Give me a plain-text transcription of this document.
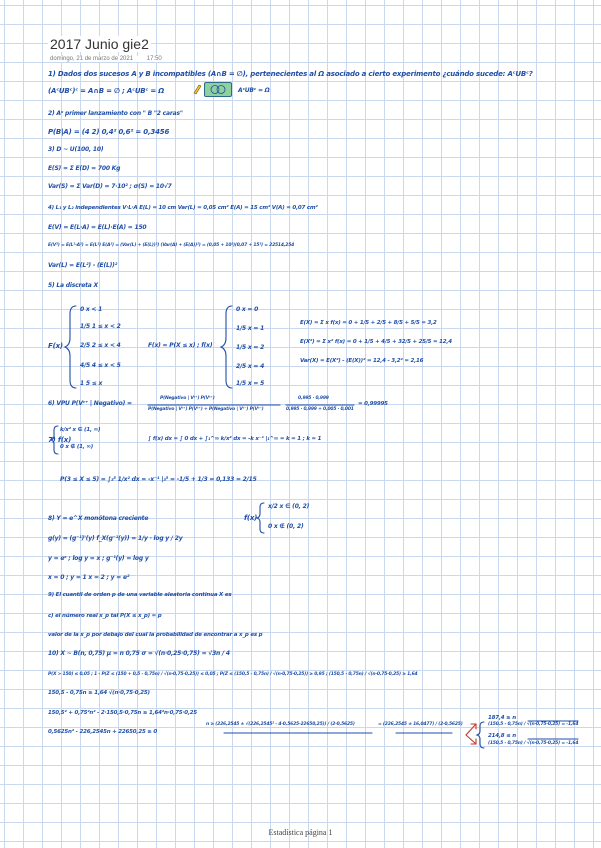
2017 Junio gie2
domingo, 21 de marzo de 2021 17:50
1) Dados dos sucesos A y B incompatibles (A∩B = ∅), pertenecientes al Ω asociado a cierto experimento ¿cuándo sucede: AᶜUBᶜ?
(AᶜUBᶜ)ᶜ = A∩B = ∅ ; AᶜUBᶜ = Ω	AᶜUBᶜ = Ω
2) Aˣ primer lanzamiento con " B "2 caras"
P(B|A) = (4 2) 0,4² 0,6² = 0,3456
3) D ~ U(100, 10)
E(S) = Σ E(D) = 700 Kg
Var(S) = Σ Var(D) = 7·10² ; σ(S) = 10√7
4) L₁ y L₂ independientes V·L·A E(L) = 10 cm Var(L) = 0,05 cm² E(A) = 15 cm² V(A) = 0,07 cm²
E(V) = E(L·A) = E(L)·E(A) = 150
E(V²) = E(L²·A²) = E(L²) E(A²) = (Var(L) + (E(L))²) (Var(A) + (E(A))²) = (0,05 + 10²)(0,07 + 15²) = 22514,254
Var(L) = E(L²) - (E(L))²
5) La discreta X
F(x)
0 x < 1
1/5 1 ≤ x < 2
2/5 2 ≤ x < 4
4/5 4 ≤ x < 5
1 5 ≤ x
F(x) = P(X ≤ x) ; f(x)
0 x = 0
1/5 x = 1
1/5 x = 2
2/5 x = 4
1/5 x = 5
E(X) = Σ x f(x) = 0 + 1/5 + 2/5 + 8/5 + 5/5 = 3,2
E(X²) = Σ x² f(x) = 0 + 1/5 + 4/5 + 32/5 + 25/5 = 12,4
Var(X) = E(X²) - (E(X))² = 12,4 - 3,2² = 2,16
6) VPU P(Vᶜ⁺ | Negativo) =
P(Negativo | Vᶜ⁺) P(Vᶜ⁺)
P(Negativo | Vᶜ⁺) P(Vᶜ⁺) + P(Negativo | Vᶜ⁻) P(Vᶜ⁻)
0,995 · 0,999
0,995 · 0,999 + 0,005 · 0,001
= 0,99995
7) f(x)
k/x² x ∈ (1, ∞)
0 x ∉ (1, ∞)
∫ f(x) dx = ∫ 0 dx + ∫₁^∞ k/x² dx = -k x⁻¹ |₁^∞ = k = 1 ; k = 1
P(3 ≤ X ≤ 5) = ∫₃⁵ 1/x² dx = -x⁻¹ |₃⁵ = -1/5 + 1/3 = 0,133 = 2/15
8) Y = e^X monótona creciente
g(y) = (g⁻¹)'(y) f_X(g⁻¹(y)) = 1/y · log y / 2y
y = eˣ ; log y = x ; g⁻¹(y) = log y
x = 0 ; y = 1 x = 2 ; y = e²
f(x)
x/2 x ∈ (0, 2)
0 x ∉ (0, 2)
9) El cuantil de orden p de una variable aleatoria continua X es
c) el número real x_p tal P(X ≤ x_p) = p
valor de la x_p por debajo del cual la probabilidad de encontrar a x_p es p
10) X ~ B(n, 0,75) μ = n 0,75 σ = √(n·0,25·0,75) = √3n / 4
P(X > 150) ≤ 0,05 ; 1 - P(Z ≤ (150 + 0,5 - 0,75n) / √(n·0,75·0,25)) ≤ 0,05 ; P(Z ≤ (150,5 - 0,75n) / √(n·0,75·0,25)) ≥ 0,95 ; (150,5 - 0,75n) / √(n·0,75·0,25) ≥ 1,64
150,5 - 0,75n ≥ 1,64 √(n·0,75·0,25)
150,5² + 0,75²n² - 2·150,5·0,75n ≥ 1,64²n·0,75·0,25
0,5625n² - 226,2545n + 22650,25 ≥ 0
n ≥ (226,2545 ± √(226,2545² - 4·0,5625·22650,25)) / (2·0,5625)	= (226,2545 ± 16,0477) / (2·0,5625)
187,4 ≥ n
(150,5 - 0,75n) / √(n·0,75·0,25) = -1,64
214,8 ≤ n
(150,5 - 0,75n) / √(n·0,75·0,25) = -1,64
Estadística página 1
